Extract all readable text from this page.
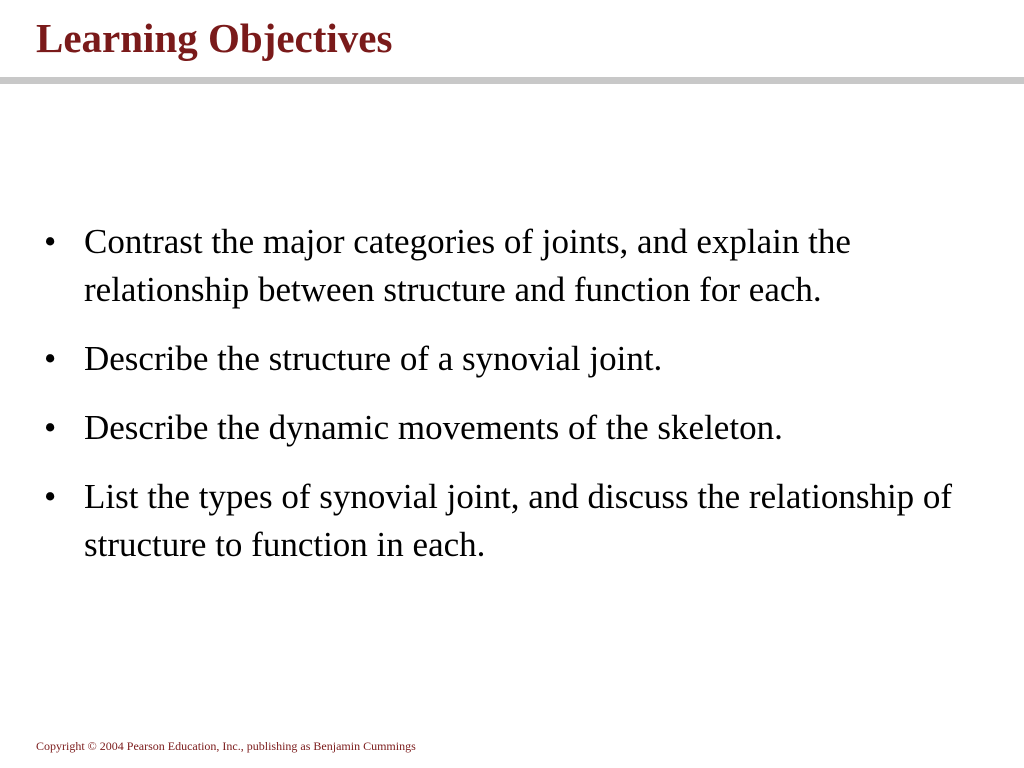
Learning Objectives
• Contrast the major categories of joints, and explain the relationship between structure and function for each.
• Describe the structure of a synovial joint.
• Describe the dynamic movements of the skeleton.
• List the types of synovial joint, and discuss the relationship of structure to function in each.

Copyright © 2004 Pearson Education, Inc., publishing as Benjamin Cummings
